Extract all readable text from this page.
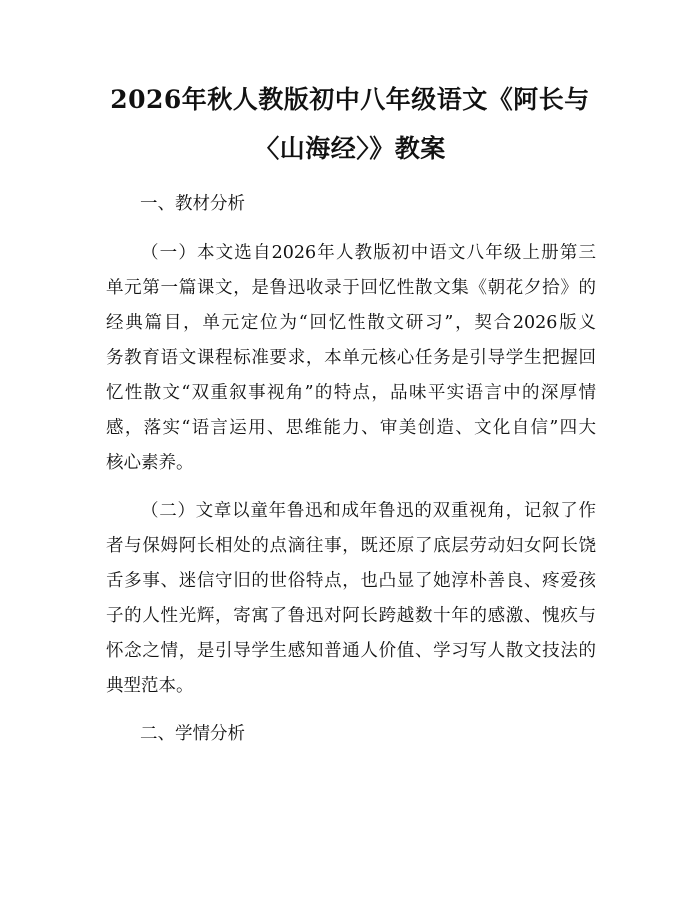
2026年秋人教版初中八年级语文《阿长与
〈山海经〉》教案

一、教材分析

（一）本文选自2026年人教版初中语文八年级上册第三

单元第一篇课文，是鲁迅收录于回忆性散文集《朝花夕拾》的

经典篇目，单元定位为“回忆性散文研习”，契合2026版义

务教育语文课程标准要求，本单元核心任务是引导学生把握回

忆性散文“双重叙事视角”的特点，品味平实语言中的深厚情

感，落实“语言运用、思维能力、审美创造、文化自信”四大

核心素养。

（二）文章以童年鲁迅和成年鲁迅的双重视角，记叙了作

者与保姆阿长相处的点滴往事，既还原了底层劳动妇女阿长饶

舌多事、迷信守旧的世俗特点，也凸显了她淳朴善良、疼爱孩

子的人性光辉，寄寓了鲁迅对阿长跨越数十年的感激、愧疚与

怀念之情，是引导学生感知普通人价值、学习写人散文技法的

典型范本。

二、学情分析
